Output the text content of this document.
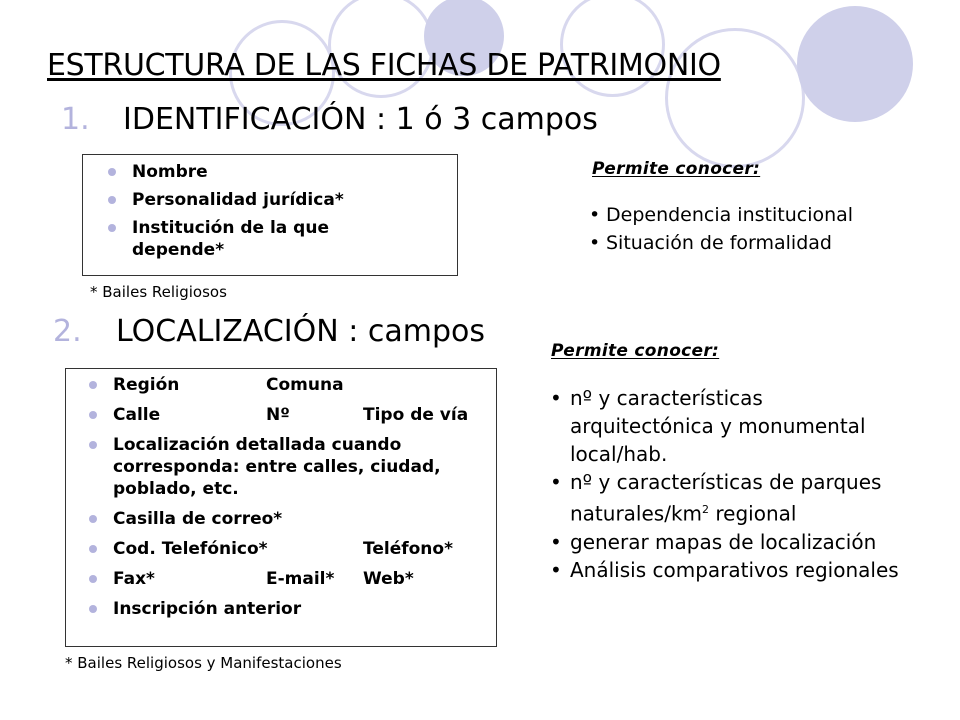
ESTRUCTURA DE LAS FICHAS DE PATRIMONIO
1. IDENTIFICACIÓN : 1 ó 3 campos
Nombre
Personalidad jurídica*
Institución de la que depende*
* Bailes Religiosos
Permite conocer:
• Dependencia institucional
• Situación de formalidad
2. LOCALIZACIÓN : campos
Región	Comuna
Calle	Nº	Tipo de vía
Localización detallada cuando corresponda: entre calles, ciudad, poblado, etc.
Casilla de correo*
Cod. Telefónico*	Teléfono*
Fax*	E-mail* Web*
Inscripción anterior
* Bailes Religiosos y Manifestaciones
Permite conocer:
• nº y características arquitectónica y monumental local/hab.
• nº y características de parques naturales/$km^2$ regional
• generar mapas de localización
• Análisis comparativos regionales
